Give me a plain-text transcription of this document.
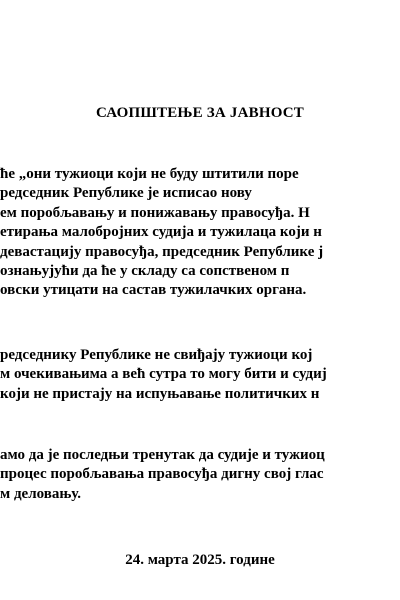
САОПШТЕЊЕ ЗА ЈАВНОСТ
ће „они тужиоци који не буду штитили поре
редседник Републике је исписао нову
ем поробљавању и понижавању правосуђа. Н
етирања малобројних судија и тужилаца који н
девастацију правосуђа, председник Републике ј
ознањујући да ће у складу са сопственом п
овски утицати на састав тужилачких органа.
редседнику Републике не свиђају тужиоци кој
м очекивањима а већ сутра то могу бити и судиј
који не пристају на испуњавање политичких н
амо да је последњи тренутак да судије и тужиоц
процес поробљавања правосуђа дигну свој глас
м деловању.
24. марта 2025. године
